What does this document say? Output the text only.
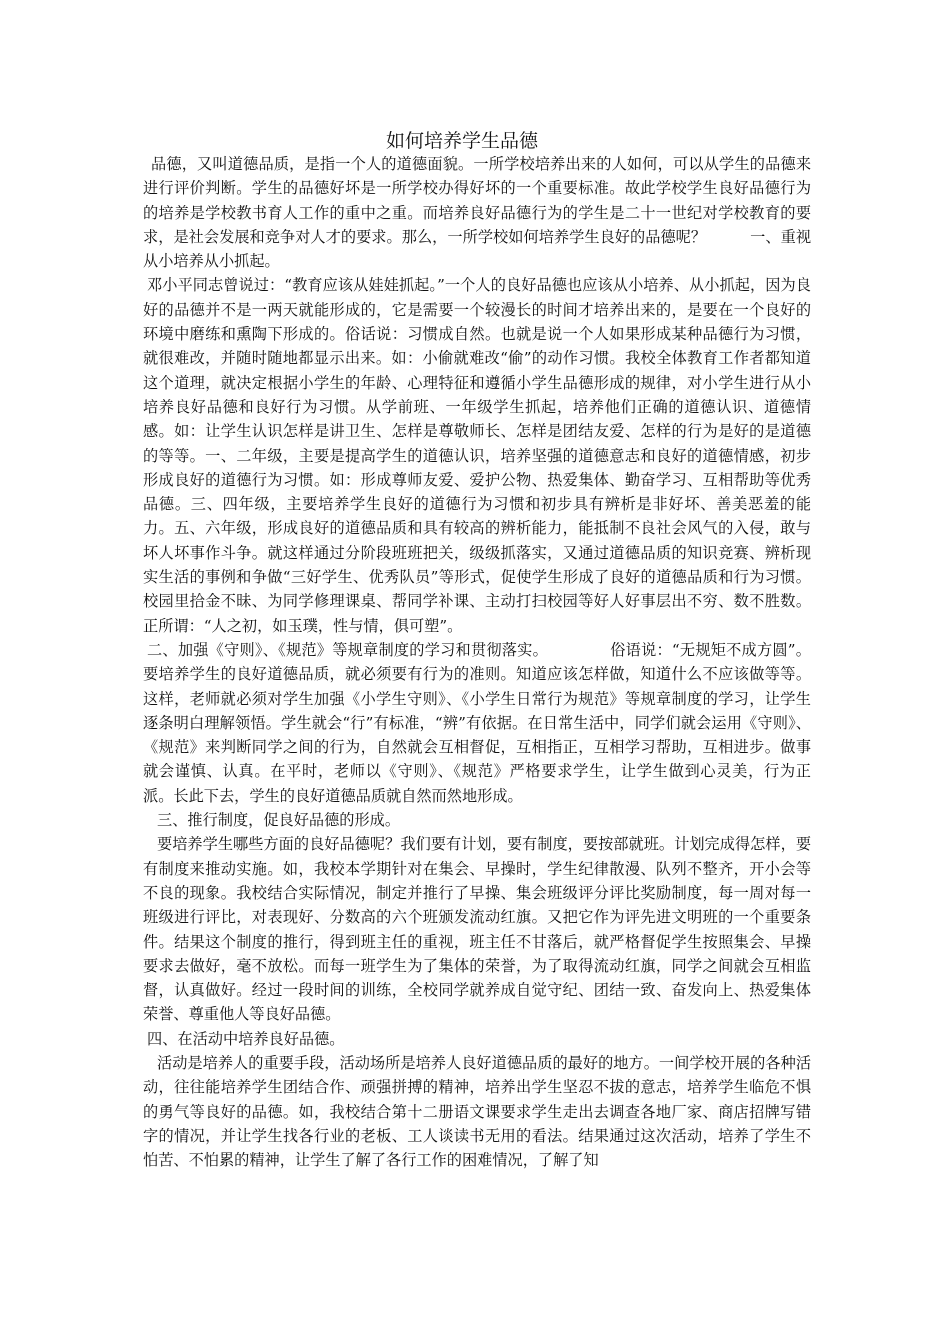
如何培养学生品德

品德，又叫道德品质，是指一个人的道德面貌。一所学校培养出来的人如何，可以从学生的品德来进行评价判断。学生的品德好坏是一所学校办得好坏的一个重要标准。故此学校学生良好品德行为的培养是学校教书育人工作的重中之重。而培养良好品德行为的学生是二十一世纪对学校教育的要求，是社会发展和竞争对人才的要求。那么，一所学校如何培养学生良好的品德呢？	一、重视从小培养从小抓起。

邓小平同志曾说过：“教育应该从娃娃抓起。”一个人的良好品德也应该从小培养、从小抓起，因为良好的品德并不是一两天就能形成的，它是需要一个较漫长的时间才培养出来的，是要在一个良好的环境中磨练和熏陶下形成的。俗话说：习惯成自然。也就是说一个人如果形成某种品德行为习惯，就很难改，并随时随地都显示出来。如：小偷就难改“偷”的动作习惯。我校全体教育工作者都知道这个道理，就决定根据小学生的年龄、心理特征和遵循小学生品德形成的规律，对小学生进行从小培养良好品德和良好行为习惯。从学前班、一年级学生抓起，培养他们正确的道德认识、道德情感。如：让学生认识怎样是讲卫生、怎样是尊敬师长、怎样是团结友爱、怎样的行为是好的是道德的等等。一、二年级，主要是提高学生的道德认识，培养坚强的道德意志和良好的道德情感，初步形成良好的道德行为习惯。如：形成尊师友爱、爱护公物、热爱集体、勤奋学习、互相帮助等优秀品德。三、四年级，主要培养学生良好的道德行为习惯和初步具有辨析是非好坏、善美恶羞的能力。五、六年级，形成良好的道德品质和具有较高的辨析能力，能抵制不良社会风气的入侵，敢与坏人坏事作斗争。就这样通过分阶段班班把关，级级抓落实，又通过道德品质的知识竞赛、辨析现实生活的事例和争做“三好学生、优秀队员”等形式，促使学生形成了良好的道德品质和行为习惯。校园里拾金不昧、为同学修理课桌、帮同学补课、主动打扫校园等好人好事层出不穷、数不胜数。正所谓：“人之初，如玉璞，性与情，俱可塑”。

二、加强《守则》、《规范》等规章制度的学习和贯彻落实。	俗语说：“无规矩不成方圆”。要培养学生的良好道德品质，就必须要有行为的准则。知道应该怎样做，知道什么不应该做等等。这样，老师就必须对学生加强《小学生守则》、《小学生日常行为规范》等规章制度的学习，让学生逐条明白理解领悟。学生就会“行”有标准，“辨”有依据。在日常生活中，同学们就会运用《守则》、《规范》来判断同学之间的行为，自然就会互相督促，互相指正，互相学习帮助，互相进步。做事就会谨慎、认真。在平时，老师以《守则》、《规范》严格要求学生，让学生做到心灵美，行为正派。长此下去，学生的良好道德品质就自然而然地形成。

三、推行制度，促良好品德的形成。

要培养学生哪些方面的良好品德呢？我们要有计划，要有制度，要按部就班。计划完成得怎样，要有制度来推动实施。如，我校本学期针对在集会、早操时，学生纪律散漫、队列不整齐，开小会等不良的现象。我校结合实际情况，制定并推行了早操、集会班级评分评比奖励制度，每一周对每一班级进行评比，对表现好、分数高的六个班颁发流动红旗。又把它作为评先进文明班的一个重要条件。结果这个制度的推行，得到班主任的重视，班主任不甘落后，就严格督促学生按照集会、早操要求去做好，毫不放松。而每一班学生为了集体的荣誉，为了取得流动红旗，同学之间就会互相监督，认真做好。经过一段时间的训练，全校同学就养成自觉守纪、团结一致、奋发向上、热爱集体荣誉、尊重他人等良好品德。

四、在活动中培养良好品德。

活动是培养人的重要手段，活动场所是培养人良好道德品质的最好的地方。一间学校开展的各种活动，往往能培养学生团结合作、顽强拼搏的精神，培养出学生坚忍不拔的意志，培养学生临危不惧的勇气等良好的品德。如，我校结合第十二册语文课要求学生走出去调查各地厂家、商店招牌写错字的情况，并让学生找各行业的老板、工人谈读书无用的看法。结果通过这次活动，培养了学生不怕苦、不怕累的精神，让学生了解了各行工作的困难情况，了解了知
